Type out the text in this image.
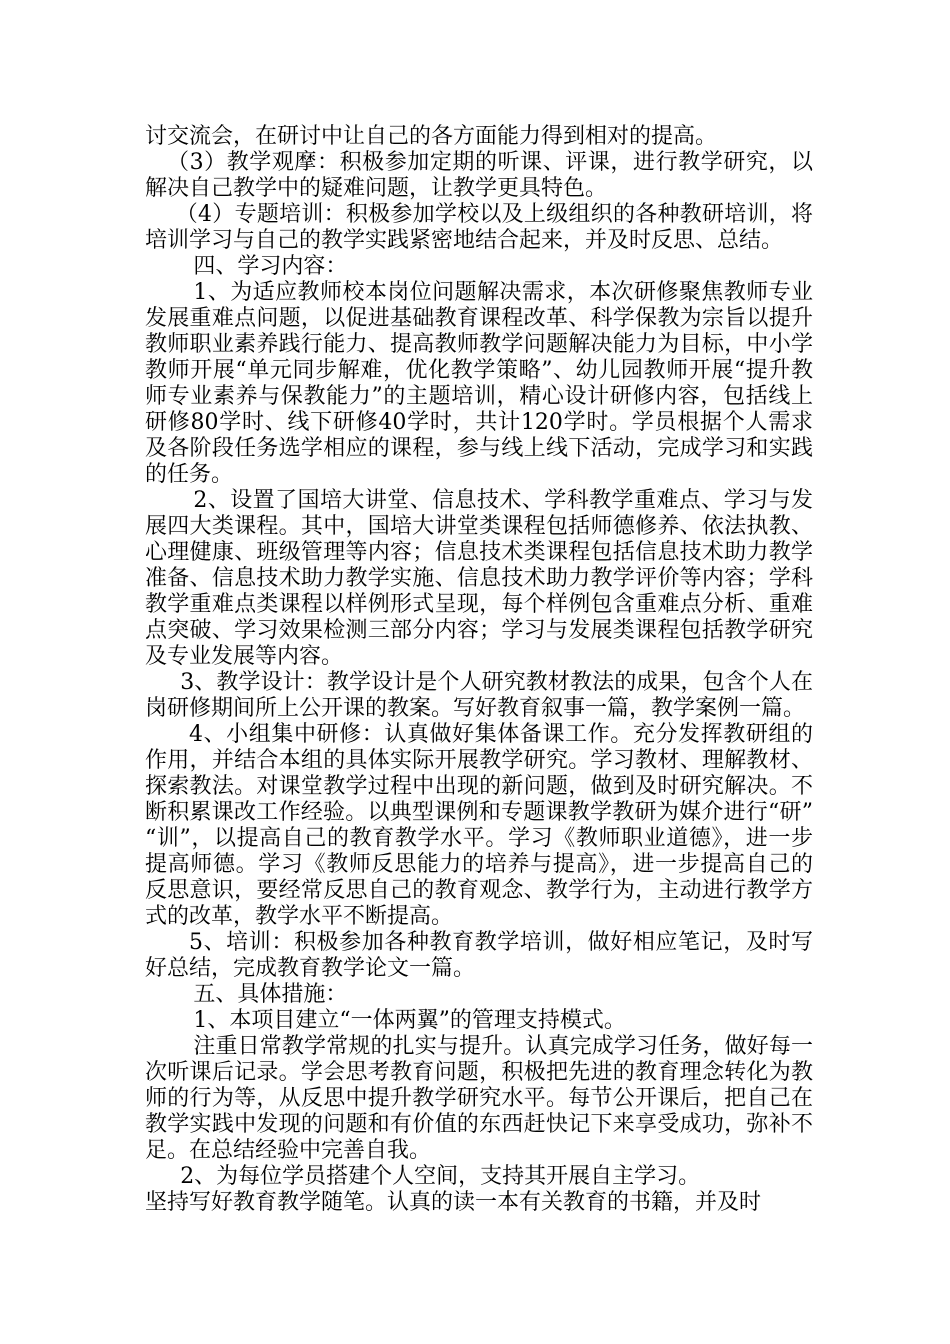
讨交流会，在研讨中让自己的各方面能力得到相对的提高。

（3）教学观摩：积极参加定期的听课、评课，进行教学研究，以解决自己教学中的疑难问题，让教学更具特色。

（4）专题培训：积极参加学校以及上级组织的各种教研培训，将培训学习与自己的教学实践紧密地结合起来，并及时反思、总结。

四、学习内容：

1、为适应教师校本岗位问题解决需求，本次研修聚焦教师专业发展重难点问题，以促进基础教育课程改革、科学保教为宗旨以提升教师职业素养践行能力、提高教师教学问题解决能力为目标，中小学教师开展“单元同步解难，优化教学策略”、幼儿园教师开展“提升教师专业素养与保教能力”的主题培训，精心设计研修内容，包括线上研修80学时、线下研修40学时，共计120学时。学员根据个人需求及各阶段任务选学相应的课程，参与线上线下活动，完成学习和实践的任务。

2、设置了国培大讲堂、信息技术、学科教学重难点、学习与发展四大类课程。其中，国培大讲堂类课程包括师德修养、依法执教、心理健康、班级管理等内容；信息技术类课程包括信息技术助力教学准备、信息技术助力教学实施、信息技术助力教学评价等内容；学科教学重难点类课程以样例形式呈现，每个样例包含重难点分析、重难点突破、学习效果检测三部分内容；学习与发展类课程包括教学研究及专业发展等内容。

3、教学设计：教学设计是个人研究教材教法的成果，包含个人在岗研修期间所上公开课的教案。写好教育叙事一篇，教学案例一篇。

4、小组集中研修：认真做好集体备课工作。充分发挥教研组的作用，并结合本组的具体实际开展教学研究。学习教材、理解教材、探索教法。对课堂教学过程中出现的新问题，做到及时研究解决。不断积累课改工作经验。以典型课例和专题课教学教研为媒介进行“研”“训”，以提高自己的教育教学水平。学习《教师职业道德》，进一步提高师德。学习《教师反思能力的培养与提高》，进一步提高自己的反思意识，要经常反思自己的教育观念、教学行为，主动进行教学方式的改革，教学水平不断提高。

5、培训：积极参加各种教育教学培训，做好相应笔记，及时写好总结，完成教育教学论文一篇。

五、具体措施：

1、本项目建立“一体两翼”的管理支持模式。

注重日常教学常规的扎实与提升。认真完成学习任务，做好每一次听课后记录。学会思考教育问题，积极把先进的教育理念转化为教师的行为等，从反思中提升教学研究水平。每节公开课后，把自己在教学实践中发现的问题和有价值的东西赶快记下来享受成功，弥补不足。在总结经验中完善自我。

2、为每位学员搭建个人空间，支持其开展自主学习。

坚持写好教育教学随笔。认真的读一本有关教育的书籍，并及时
